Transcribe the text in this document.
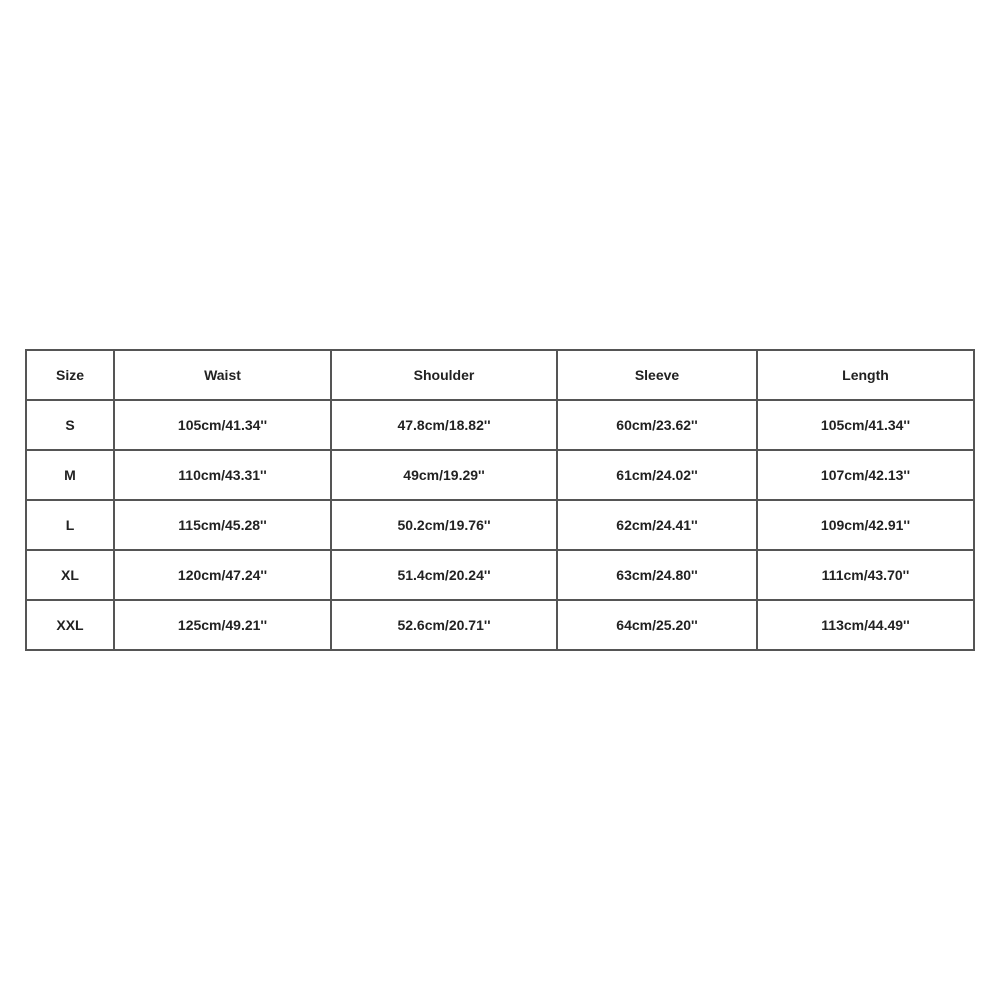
Size	Waist	Shoulder	Sleeve	Length
S	105cm/41.34''	47.8cm/18.82''	60cm/23.62''	105cm/41.34''
M	110cm/43.31''	49cm/19.29''	61cm/24.02''	107cm/42.13''
L	115cm/45.28''	50.2cm/19.76''	62cm/24.41''	109cm/42.91''
XL	120cm/47.24''	51.4cm/20.24''	63cm/24.80''	111cm/43.70''
XXL	125cm/49.21''	52.6cm/20.71''	64cm/25.20''	113cm/44.49''
